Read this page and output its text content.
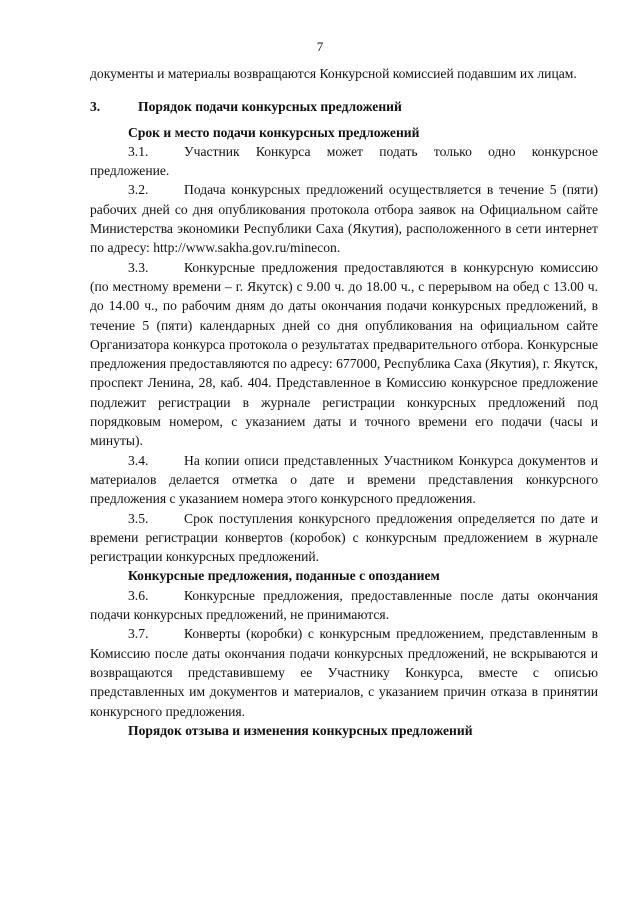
7

документы и материалы возвращаются Конкурсной комиссией подавшим их лицам.

3.	Порядок подачи конкурсных предложений

Срок и место подачи конкурсных предложений

3.1.	Участник Конкурса может подать только одно конкурсное предложение.

3.2.	Подача конкурсных предложений осуществляется в течение 5 (пяти) рабочих дней со дня опубликования протокола отбора заявок на Официальном сайте Министерства экономики Республики Саха (Якутия), расположенного в сети интернет по адресу: http://www.sakha.gov.ru/minecon.

3.3.	Конкурсные предложения предоставляются в конкурсную комиссию (по местному времени – г. Якутск) с 9.00 ч. до 18.00 ч., с перерывом на обед с 13.00 ч. до 14.00 ч., по рабочим дням до даты окончания подачи конкурсных предложений, в течение 5 (пяти) календарных дней со дня опубликования на официальном сайте Организатора конкурса протокола о результатах предварительного отбора. Конкурсные предложения предоставляются по адресу: 677000, Республика Саха (Якутия), г. Якутск, проспект Ленина, 28, каб. 404. Представленное в Комиссию конкурсное предложение подлежит регистрации в журнале регистрации конкурсных предложений под порядковым номером, с указанием даты и точного времени его подачи (часы и минуты).

3.4.	На копии описи представленных Участником Конкурса документов и материалов делается отметка о дате и времени представления конкурсного предложения с указанием номера этого конкурсного предложения.

3.5.	Срок поступления конкурсного предложения определяется по дате и времени регистрации конвертов (коробок) с конкурсным предложением в журнале регистрации конкурсных предложений.

Конкурсные предложения, поданные с опозданием

3.6.	Конкурсные предложения, предоставленные после даты окончания подачи конкурсных предложений, не принимаются.

3.7.	Конверты (коробки) с конкурсным предложением, представленным в Комиссию после даты окончания подачи конкурсных предложений, не вскрываются и возвращаются представившему ее Участнику Конкурса, вместе с описью представленных им документов и материалов, с указанием причин отказа в принятии конкурсного предложения.

Порядок отзыва и изменения конкурсных предложений
